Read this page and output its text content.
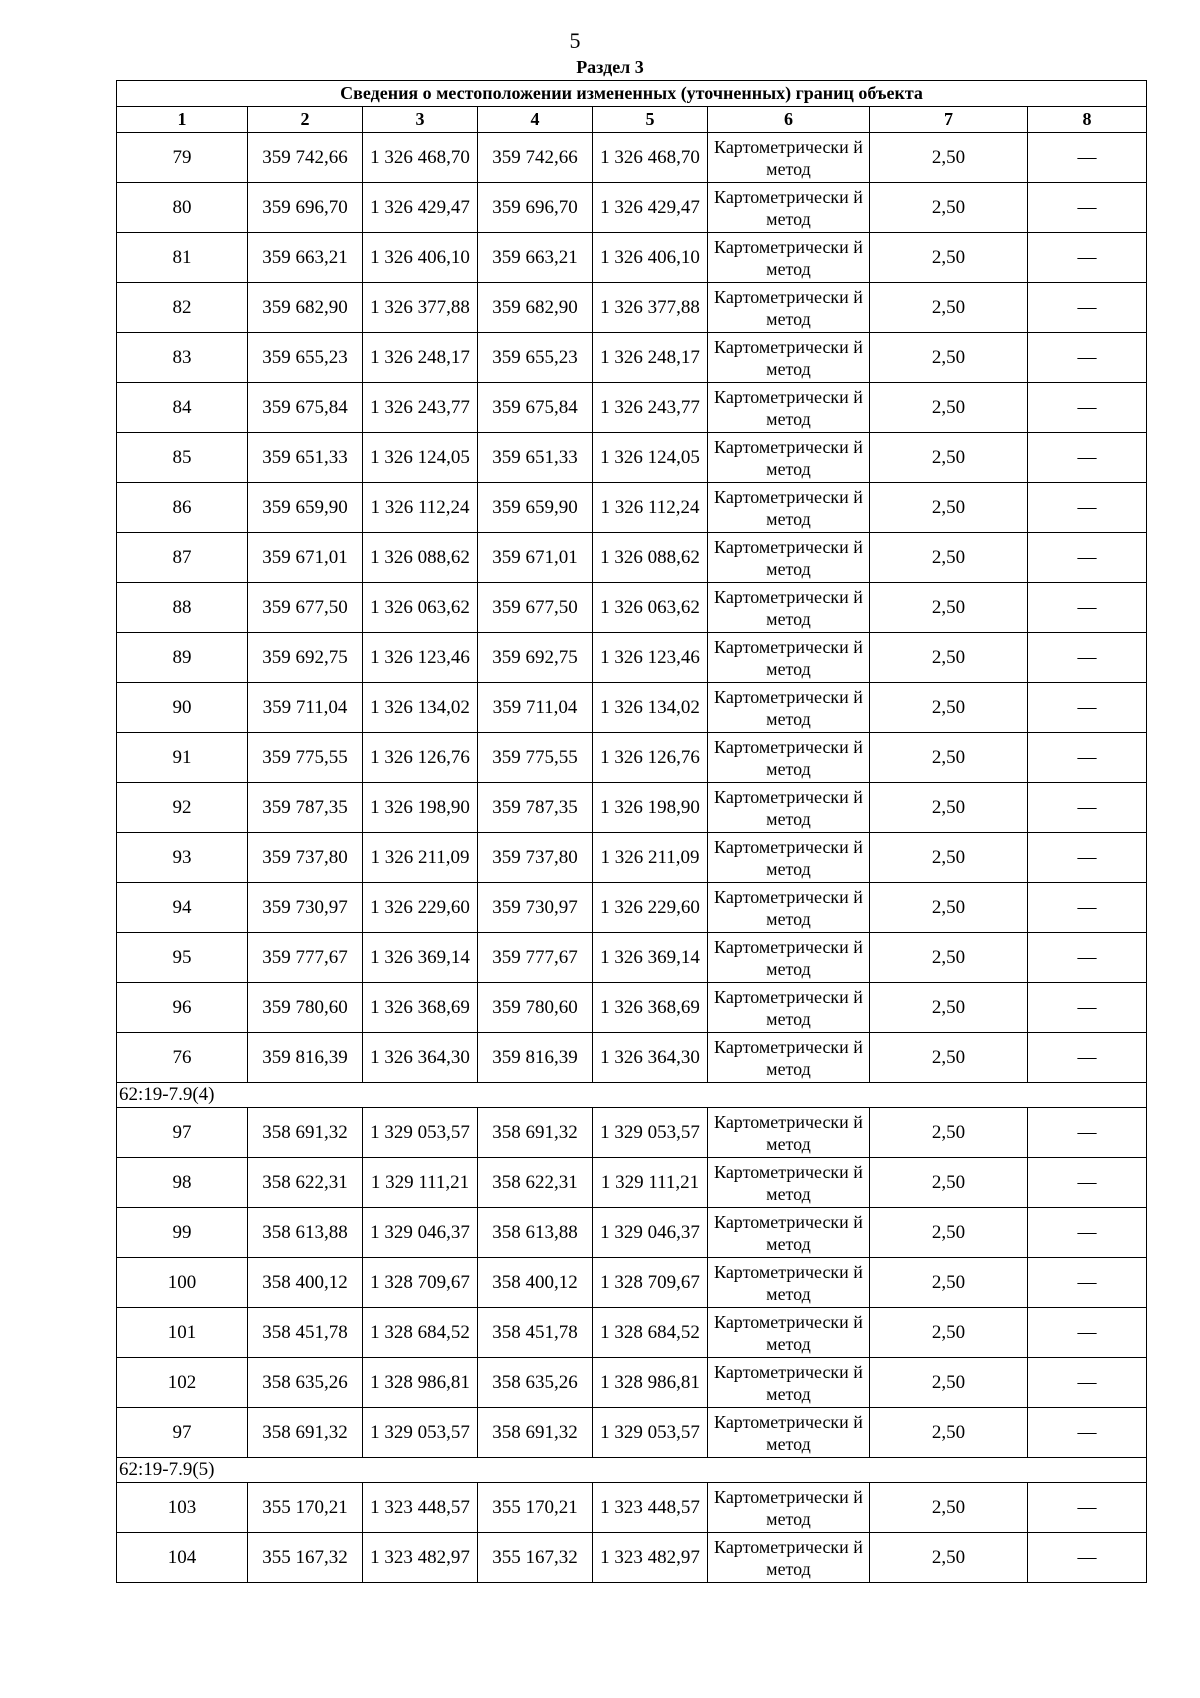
5
Раздел 3
Сведения о местоположении измененных (уточненных) границ объекта							
1	2	3	4	5	6	7	8
79	359 742,66	1 326 468,70	359 742,66	1 326 468,70	Картометрически й метод	2,50	—
80	359 696,70	1 326 429,47	359 696,70	1 326 429,47	Картометрически й метод	2,50	—
81	359 663,21	1 326 406,10	359 663,21	1 326 406,10	Картометрически й метод	2,50	—
82	359 682,90	1 326 377,88	359 682,90	1 326 377,88	Картометрически й метод	2,50	—
83	359 655,23	1 326 248,17	359 655,23	1 326 248,17	Картометрически й метод	2,50	—
84	359 675,84	1 326 243,77	359 675,84	1 326 243,77	Картометрически й метод	2,50	—
85	359 651,33	1 326 124,05	359 651,33	1 326 124,05	Картометрически й метод	2,50	—
86	359 659,90	1 326 112,24	359 659,90	1 326 112,24	Картометрически й метод	2,50	—
87	359 671,01	1 326 088,62	359 671,01	1 326 088,62	Картометрически й метод	2,50	—
88	359 677,50	1 326 063,62	359 677,50	1 326 063,62	Картометрически й метод	2,50	—
89	359 692,75	1 326 123,46	359 692,75	1 326 123,46	Картометрически й метод	2,50	—
90	359 711,04	1 326 134,02	359 711,04	1 326 134,02	Картометрически й метод	2,50	—
91	359 775,55	1 326 126,76	359 775,55	1 326 126,76	Картометрически й метод	2,50	—
92	359 787,35	1 326 198,90	359 787,35	1 326 198,90	Картометрически й метод	2,50	—
93	359 737,80	1 326 211,09	359 737,80	1 326 211,09	Картометрически й метод	2,50	—
94	359 730,97	1 326 229,60	359 730,97	1 326 229,60	Картометрически й метод	2,50	—
95	359 777,67	1 326 369,14	359 777,67	1 326 369,14	Картометрически й метод	2,50	—
96	359 780,60	1 326 368,69	359 780,60	1 326 368,69	Картометрически й метод	2,50	—
76	359 816,39	1 326 364,30	359 816,39	1 326 364,30	Картометрически й метод	2,50	—
62:19-7.9(4)							
97	358 691,32	1 329 053,57	358 691,32	1 329 053,57	Картометрически й метод	2,50	—
98	358 622,31	1 329 111,21	358 622,31	1 329 111,21	Картометрически й метод	2,50	—
99	358 613,88	1 329 046,37	358 613,88	1 329 046,37	Картометрически й метод	2,50	—
100	358 400,12	1 328 709,67	358 400,12	1 328 709,67	Картометрически й метод	2,50	—
101	358 451,78	1 328 684,52	358 451,78	1 328 684,52	Картометрически й метод	2,50	—
102	358 635,26	1 328 986,81	358 635,26	1 328 986,81	Картометрически й метод	2,50	—
97	358 691,32	1 329 053,57	358 691,32	1 329 053,57	Картометрически й метод	2,50	—
62:19-7.9(5)							
103	355 170,21	1 323 448,57	355 170,21	1 323 448,57	Картометрически й метод	2,50	—
104	355 167,32	1 323 482,97	355 167,32	1 323 482,97	Картометрически й метод	2,50	—
